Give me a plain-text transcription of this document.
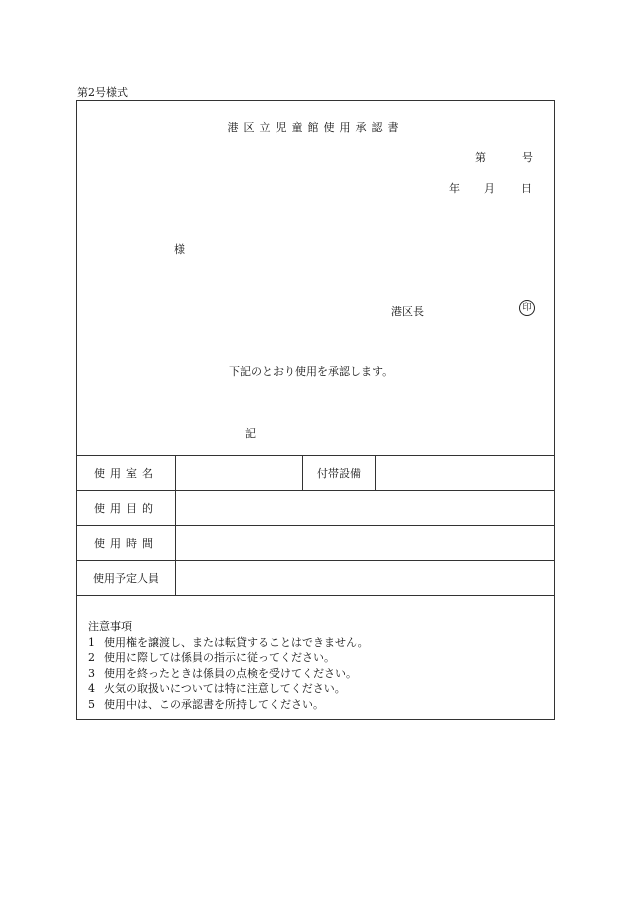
第2号様式
港区立児童館使用承認書
第	号
年 月 日
様
港区長	印
下記のとおり使用を承認します。
記
使用室名		付帯設備	
使用目的			
使用時間			
使用予定人員			
注意事項
1 使用権を譲渡し、または転貸することはできません。
2 使用に際しては係員の指示に従ってください。
3 使用を終ったときは係員の点検を受けてください。
4 火気の取扱いについては特に注意してください。
5 使用中は、この承認書を所持してください。
